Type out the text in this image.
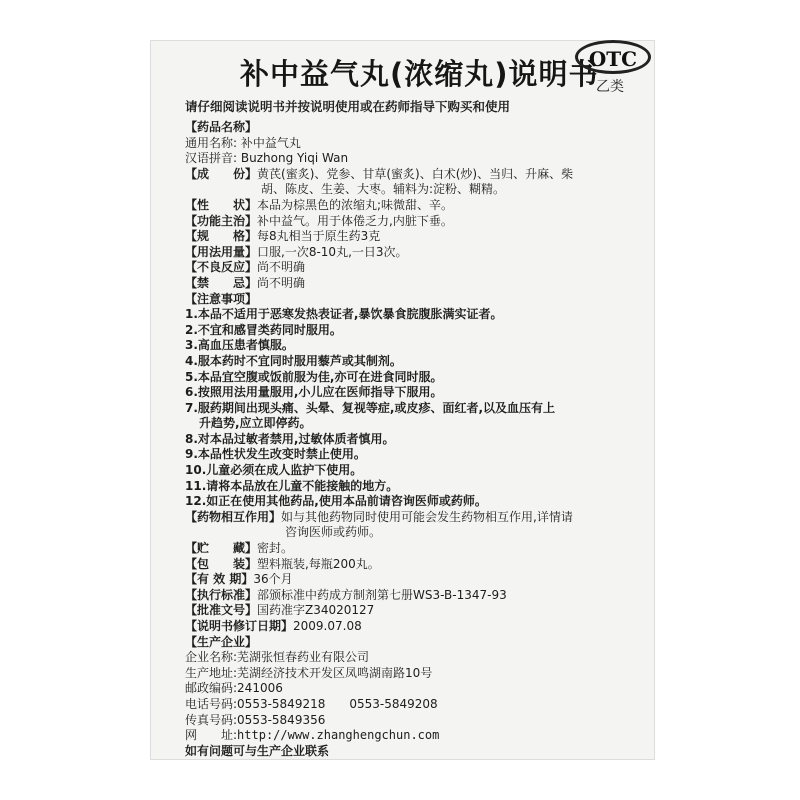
补中益气丸(浓缩丸)说明书
OTC
乙类
请仔细阅读说明书并按说明使用或在药师指导下购买和使用
【药品名称】
通用名称: 补中益气丸
汉语拼音: Buzhong Yiqi Wan
【成　　份】黄芪(蜜炙)、党参、甘草(蜜炙)、白术(炒)、当归、升麻、柴
胡、陈皮、生姜、大枣。辅料为:淀粉、糊精。
【性　　状】本品为棕黑色的浓缩丸;味微甜、辛。
【功能主治】补中益气。用于体倦乏力,内脏下垂。
【规　　格】每8丸相当于原生药3克
【用法用量】口服,一次8-10丸,一日3次。
【不良反应】尚不明确
【禁　　忌】尚不明确
【注意事项】
1.本品不适用于恶寒发热表证者,暴饮暴食脘腹胀满实证者。
2.不宜和感冒类药同时服用。
3.高血压患者慎服。
4.服本药时不宜同时服用藜芦或其制剂。
5.本品宜空腹或饭前服为佳,亦可在进食同时服。
6.按照用法用量服用,小儿应在医师指导下服用。
7.服药期间出现头痛、头晕、复视等症,或皮疹、面红者,以及血压有上
升趋势,应立即停药。
8.对本品过敏者禁用,过敏体质者慎用。
9.本品性状发生改变时禁止使用。
10.儿童必须在成人监护下使用。
11.请将本品放在儿童不能接触的地方。
12.如正在使用其他药品,使用本品前请咨询医师或药师。
【药物相互作用】如与其他药物同时使用可能会发生药物相互作用,详情请
咨询医师或药师。
【贮　　藏】密封。
【包　　装】塑料瓶装,每瓶200丸。
【有 效 期】36个月
【执行标准】部颁标准中药成方制剂第七册WS3-B-1347-93
【批准文号】国药准字Z34020127
【说明书修订日期】2009.07.08
【生产企业】
企业名称:芜湖张恒春药业有限公司
生产地址:芜湖经济技术开发区凤鸣湖南路10号
邮政编码:241006
电话号码:0553-5849218　　0553-5849208
传真号码:0553-5849356
网　　址:http://www.zhanghengchun.com
如有问题可与生产企业联系
